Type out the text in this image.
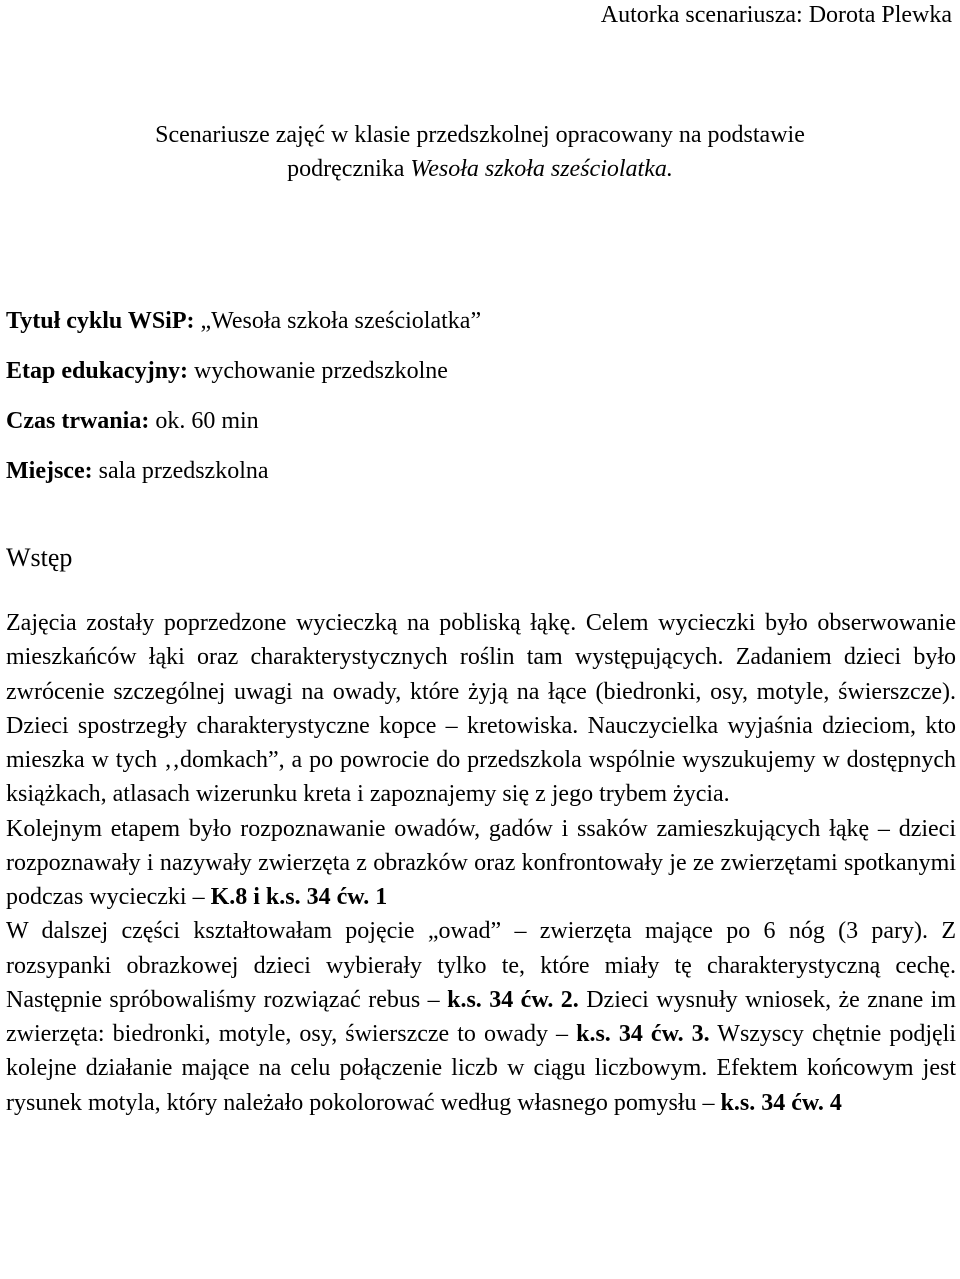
Autorka scenariusza: Dorota Plewka
Scenariusze zajęć w klasie przedszkolnej opracowany na podstawie
podręcznika Wesoła szkoła sześciolatka.
Tytuł cyklu WSiP: „Wesoła szkoła sześciolatka”
Etap edukacyjny: wychowanie przedszkolne
Czas trwania: ok. 60 min
Miejsce: sala przedszkolna
Wstęp

Zajęcia zostały poprzedzone wycieczką na pobliską łąkę. Celem wycieczki było obserwowanie mieszkańców łąki oraz charakterystycznych roślin tam występujących. Zadaniem dzieci było zwrócenie szczególnej uwagi na owady, które żyją na łące (biedronki, osy, motyle, świerszcze). Dzieci spostrzegły charakterystyczne kopce – kretowiska. Nauczycielka wyjaśnia dzieciom, kto mieszka w tych ‚‚domkach”, a po powrocie do przedszkola wspólnie wyszukujemy w dostępnych książkach, atlasach wizerunku kreta i zapoznajemy się z jego trybem życia.

Kolejnym etapem było rozpoznawanie owadów, gadów i ssaków zamieszkujących łąkę – dzieci rozpoznawały i nazywały zwierzęta z obrazków oraz konfrontowały je ze zwierzętami spotkanymi podczas wycieczki – K.8 i k.s. 34 ćw. 1

W dalszej części kształtowałam pojęcie „owad” – zwierzęta mające po 6 nóg (3 pary). Z rozsypanki obrazkowej dzieci wybierały tylko te, które miały tę charakterystyczną cechę. Następnie spróbowaliśmy rozwiązać rebus – k.s. 34 ćw. 2. Dzieci wysnuły wniosek, że znane im zwierzęta: biedronki, motyle, osy, świerszcze to owady – k.s. 34 ćw. 3. Wszyscy chętnie podjęli kolejne działanie mające na celu połączenie liczb w ciągu liczbowym. Efektem końcowym jest rysunek motyla, który należało pokolorować według własnego pomysłu – k.s. 34 ćw. 4
